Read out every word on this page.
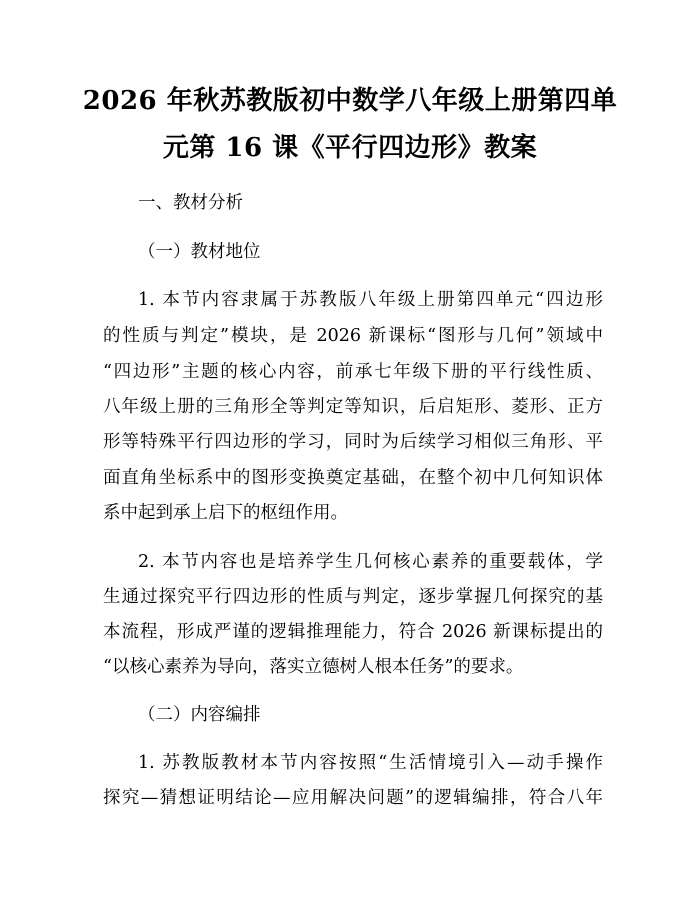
2026 年秋苏教版初中数学八年级上册第四单
元第 16 课《平行四边形》教案
一、教材分析
（一）教材地位
1. 本节内容隶属于苏教版八年级上册第四单元“四边形
的性质与判定”模块，是 2026 新课标“图形与几何”领域中
“四边形”主题的核心内容，前承七年级下册的平行线性质、
八年级上册的三角形全等判定等知识，后启矩形、菱形、正方
形等特殊平行四边形的学习，同时为后续学习相似三角形、平
面直角坐标系中的图形变换奠定基础，在整个初中几何知识体
系中起到承上启下的枢纽作用。
2. 本节内容也是培养学生几何核心素养的重要载体，学
生通过探究平行四边形的性质与判定，逐步掌握几何探究的基
本流程，形成严谨的逻辑推理能力，符合 2026 新课标提出的
“以核心素养为导向，落实立德树人根本任务”的要求。
（二）内容编排
1. 苏教版教材本节内容按照“生活情境引入—动手操作
探究—猜想证明结论—应用解决问题”的逻辑编排，符合八年
